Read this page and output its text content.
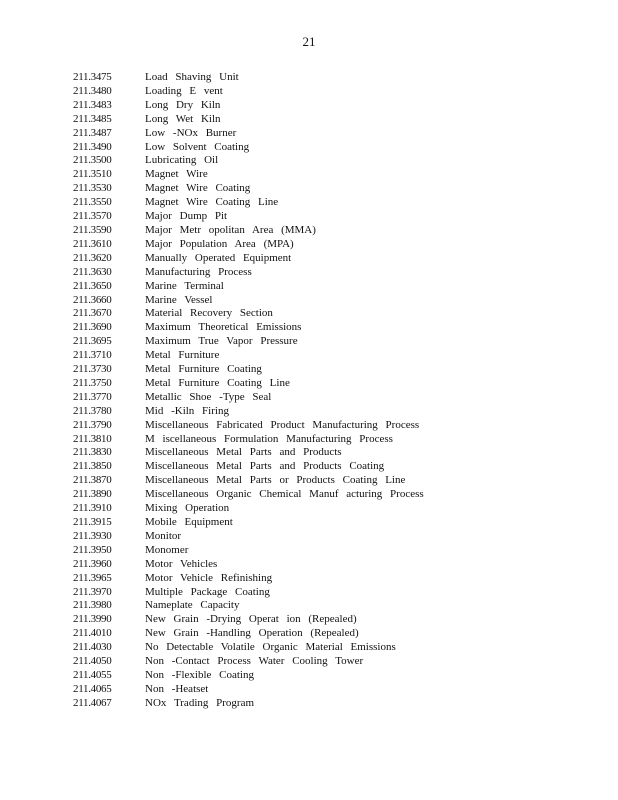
21
211.3475	Load Shaving Unit
211.3480	Loading E vent
211.3483	Long Dry Kiln
211.3485	Long Wet Kiln
211.3487	Low -NOx Burner
211.3490	Low Solvent Coating
211.3500	Lubricating Oil
211.3510	Magnet Wire
211.3530	Magnet Wire Coating
211.3550	Magnet Wire Coating Line
211.3570	Major Dump Pit
211.3590	Major Metr opolitan Area (MMA)
211.3610	Major Population Area (MPA)
211.3620	Manually Operated Equipment
211.3630	Manufacturing Process
211.3650	Marine Terminal
211.3660	Marine Vessel
211.3670	Material Recovery Section
211.3690	Maximum Theoretical Emissions
211.3695	Maximum True Vapor Pressure
211.3710	Metal Furniture
211.3730	Metal Furniture Coating
211.3750	Metal Furniture Coating Line
211.3770	Metallic Shoe -Type Seal
211.3780	Mid -Kiln Firing
211.3790	Miscellaneous Fabricated Product Manufacturing Process
211.3810	M iscellaneous Formulation Manufacturing Process
211.3830	Miscellaneous Metal Parts and Products
211.3850	Miscellaneous Metal Parts and Products Coating
211.3870	Miscellaneous Metal Parts or Products Coating Line
211.3890	Miscellaneous Organic Chemical Manuf acturing Process
211.3910	Mixing Operation
211.3915	Mobile Equipment
211.3930	Monitor
211.3950	Monomer
211.3960	Motor Vehicles
211.3965	Motor Vehicle Refinishing
211.3970	Multiple Package Coating
211.3980	Nameplate Capacity
211.3990	New Grain -Drying Operat ion (Repealed)
211.4010	New Grain -Handling Operation (Repealed)
211.4030	No Detectable Volatile Organic Material Emissions
211.4050	Non -Contact Process Water Cooling Tower
211.4055	Non -Flexible Coating
211.4065	Non -Heatset
211.4067	NOx Trading Program
